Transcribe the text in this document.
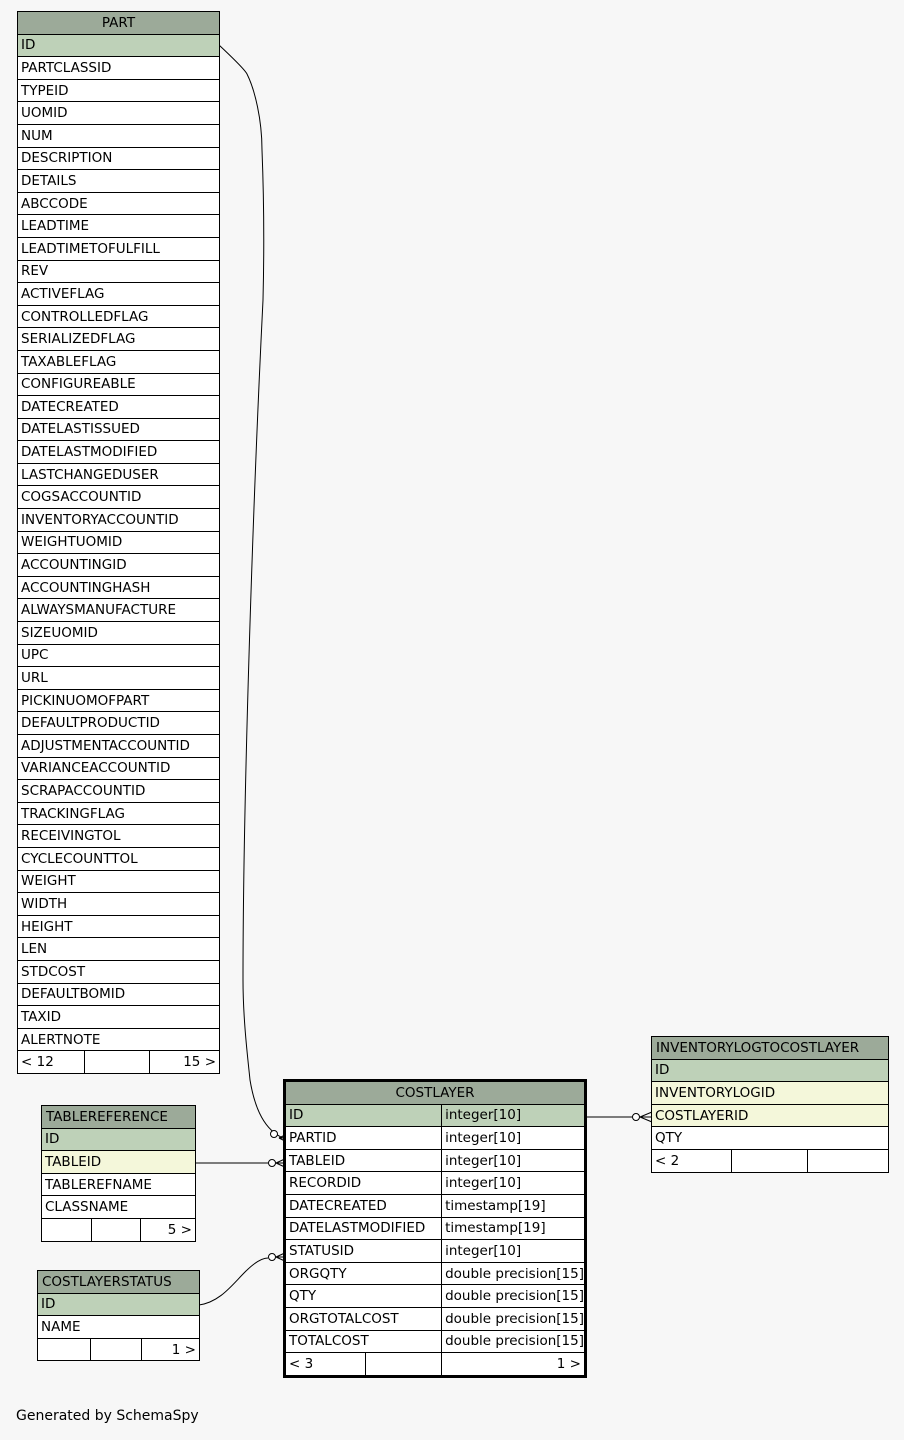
PART
ID
PARTCLASSID
TYPEID
UOMID
NUM
DESCRIPTION
DETAILS
ABCCODE
LEADTIME
LEADTIMETOFULFILL
REV
ACTIVEFLAG
CONTROLLEDFLAG
SERIALIZEDFLAG
TAXABLEFLAG
CONFIGUREABLE
DATECREATED
DATELASTISSUED
DATELASTMODIFIED
LASTCHANGEDUSER
COGSACCOUNTID
INVENTORYACCOUNTID
WEIGHTUOMID
ACCOUNTINGID
ACCOUNTINGHASH
ALWAYSMANUFACTURE
SIZEUOMID
UPC
URL
PICKINUOMOFPART
DEFAULTPRODUCTID
ADJUSTMENTACCOUNTID
VARIANCEACCOUNTID
SCRAPACCOUNTID
TRACKINGFLAG
RECEIVINGTOL
CYCLECOUNTTOL
WEIGHT
WIDTH
HEIGHT
LEN
STDCOST
DEFAULTBOMID
TAXID
ALERTNOTE
< 12		15 >
TABLEREFERENCE
ID
TABLEID
TABLEREFNAME
CLASSNAME
		5 >
COSTLAYERSTATUS
ID
NAME
		1 >
COSTLAYER		
ID		integer[10]
PARTID		integer[10]
TABLEID		integer[10]
RECORDID		integer[10]
DATECREATED		timestamp[19]
DATELASTMODIFIED		timestamp[19]
STATUSID		integer[10]
ORGQTY		double precision[15]
QTY		double precision[15]
ORGTOTALCOST		double precision[15]
TOTALCOST		double precision[15]
< 3		1 >
INVENTORYLOGTOCOSTLAYER
ID
INVENTORYLOGID
COSTLAYERID
QTY
< 2		
Generated by SchemaSpy
